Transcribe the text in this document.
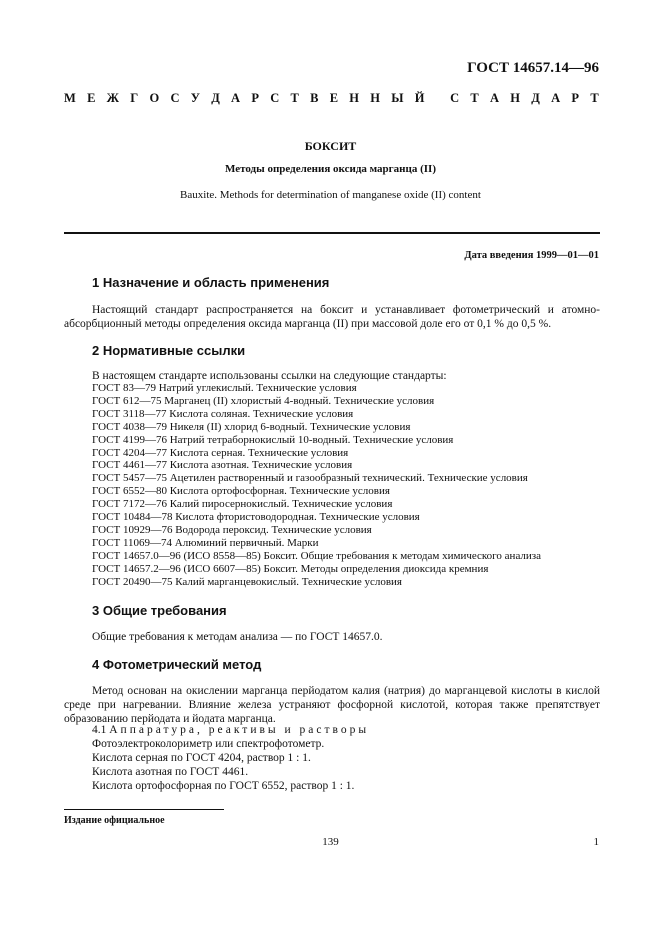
ГОСТ 14657.14—96
М Е Ж Г О С У Д А Р С Т В Е Н Н Ы Й
С Т А Н Д А Р Т
БОКСИТ
Методы определения оксида марганца (II)
Bauxite. Methods for determination of manganese oxide (II) content
Дата введения 1999—01—01
1 Назначение и область применения
Настоящий стандарт распространяется на боксит и устанавливает фотометрический и атомно-абсорбционный методы определения оксида марганца (II) при массовой доле его от 0,1 % до 0,5 %.
2 Нормативные ссылки
В настоящем стандарте использованы ссылки на следующие стандарты:
ГОСТ 83—79 Натрий углекислый. Технические условия
ГОСТ 612—75 Марганец (II) хлористый 4-водный. Технические условия
ГОСТ 3118—77 Кислота соляная. Технические условия
ГОСТ 4038—79 Никеля (II) хлорид 6-водный. Технические условия
ГОСТ 4199—76 Натрий тетраборнокислый 10-водный. Технические условия
ГОСТ 4204—77 Кислота серная. Технические условия
ГОСТ 4461—77 Кислота азотная. Технические условия
ГОСТ 5457—75 Ацетилен растворенный и газообразный технический. Технические условия
ГОСТ 6552—80 Кислота ортофосфорная. Технические условия
ГОСТ 7172—76 Калий пиросернокислый. Технические условия
ГОСТ 10484—78 Кислота фтористоводородная. Технические условия
ГОСТ 10929—76 Водорода пероксид. Технические условия
ГОСТ 11069—74 Алюминий первичный. Марки
ГОСТ 14657.0—96 (ИСО 8558—85) Боксит. Общие требования к методам химического анализа
ГОСТ 14657.2—96 (ИСО 6607—85) Боксит. Методы определения диоксида кремния
ГОСТ 20490—75 Калий марганцевокислый. Технические условия
3 Общие требования
Общие требования к методам анализа — по ГОСТ 14657.0.
4 Фотометрический метод
Метод основан на окислении марганца перйодатом калия (натрия) до марганцевой кислоты в кислой среде при нагревании. Влияние железа устраняют фосфорной кислотой, которая также препятствует образованию перйодата и йодата марганца.
4.1 Аппаратура, реактивы и растворы
Фотоэлектроколориметр или спектрофотометр.
Кислота серная по ГОСТ 4204, раствор 1 : 1.
Кислота азотная по ГОСТ 4461.
Кислота ортофосфорная по ГОСТ 6552, раствор 1 : 1.
Издание официальное
139	1
